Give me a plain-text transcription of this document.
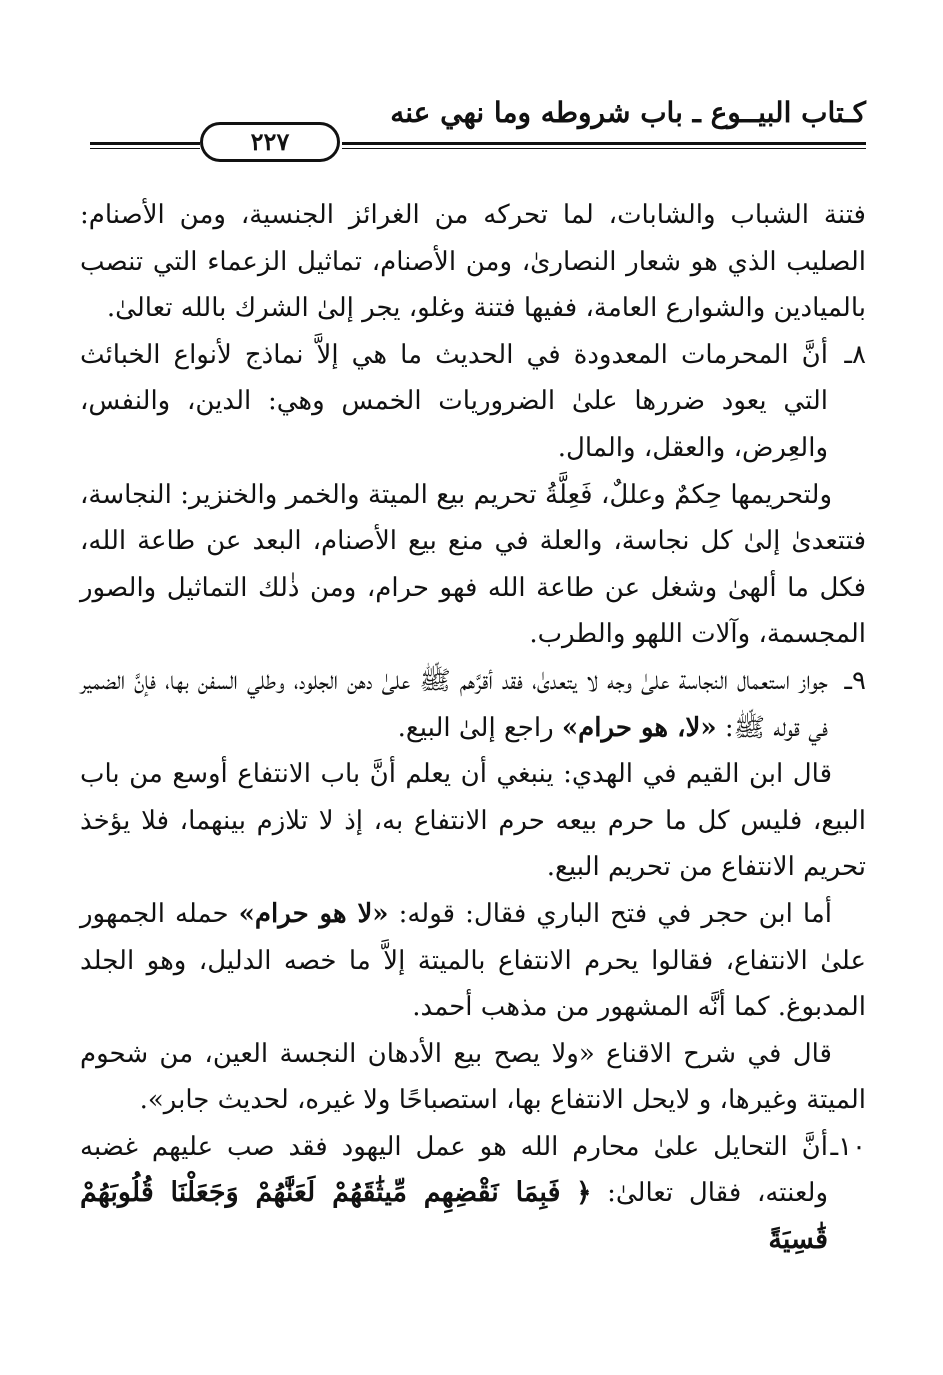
كـتاب البيــوع ـ باب شروطه وما نهي عنه
٢٢٧

فتنة الشباب والشابات، لما تحركه من الغرائز الجنسية، ومن الأصنام: الصليب الذي هو شعار النصارىٰ، ومن الأصنام، تماثيل الزعماء التي تنصب بالميادين والشوارع العامة، ففيها فتنة وغلو، يجر إلىٰ الشرك بالله تعالىٰ.

٨ـ
أنَّ المحرمات المعدودة في الحديث ما هي إلاَّ نماذج لأنواع الخبائث التي يعود ضررها علىٰ الضروريات الخمس وهي: الدين، والنفس، والعِرض، والعقل، والمال.

ولتحريمها حِكمٌ وعللٌ، فَعِلَّةُ تحريم بيع الميتة والخمر والخنزير: النجاسة، فتتعدىٰ إلىٰ كل نجاسة، والعلة في منع بيع الأصنام، البعد عن طاعة الله، فكل ما ألهىٰ وشغل عن طاعة الله فهو حرام، ومن ذٰلك التماثيل والصور المجسمة، وآلات اللهو والطرب.

٩ـ
جواز استعمال النجاسة علىٰ وجه لا يتعدىٰ، فقد أقرَّهم ﷺ علىٰ دهن الجلود، وطلي السفن بها، فإنَّ الضمير في قوله ﷺ: «لا، هو حرام» راجع إلىٰ البيع.

قال ابن القيم في الهدي: ينبغي أن يعلم أنَّ باب الانتفاع أوسع من باب البيع، فليس كل ما حرم بيعه حرم الانتفاع به، إذ لا تلازم بينهما، فلا يؤخذ تحريم الانتفاع من تحريم البيع.

أما ابن حجر في فتح الباري فقال: قوله: «لا هو حرام» حمله الجمهور علىٰ الانتفاع، فقالوا يحرم الانتفاع بالميتة إلاَّ ما خصه الدليل، وهو الجلد المدبوغ. كما أنَّه المشهور من مذهب أحمد.

قال في شرح الاقناع «ولا يصح بيع الأدهان النجسة العين، من شحوم الميتة وغيرها، و لايحل الانتفاع بها، استصباحًا ولا غيره، لحديث جابر».

١٠ـ
أنَّ التحايل علىٰ محارم الله هو عمل اليهود فقد صب عليهم غضبه ولعنته، فقال تعالىٰ: ﴿ فَبِمَا نَقْضِهِم مِّيثَٰقَهُمْ لَعَنَّٰهُمْ وَجَعَلْنَا قُلُوبَهُمْ قَٰسِيَةً
